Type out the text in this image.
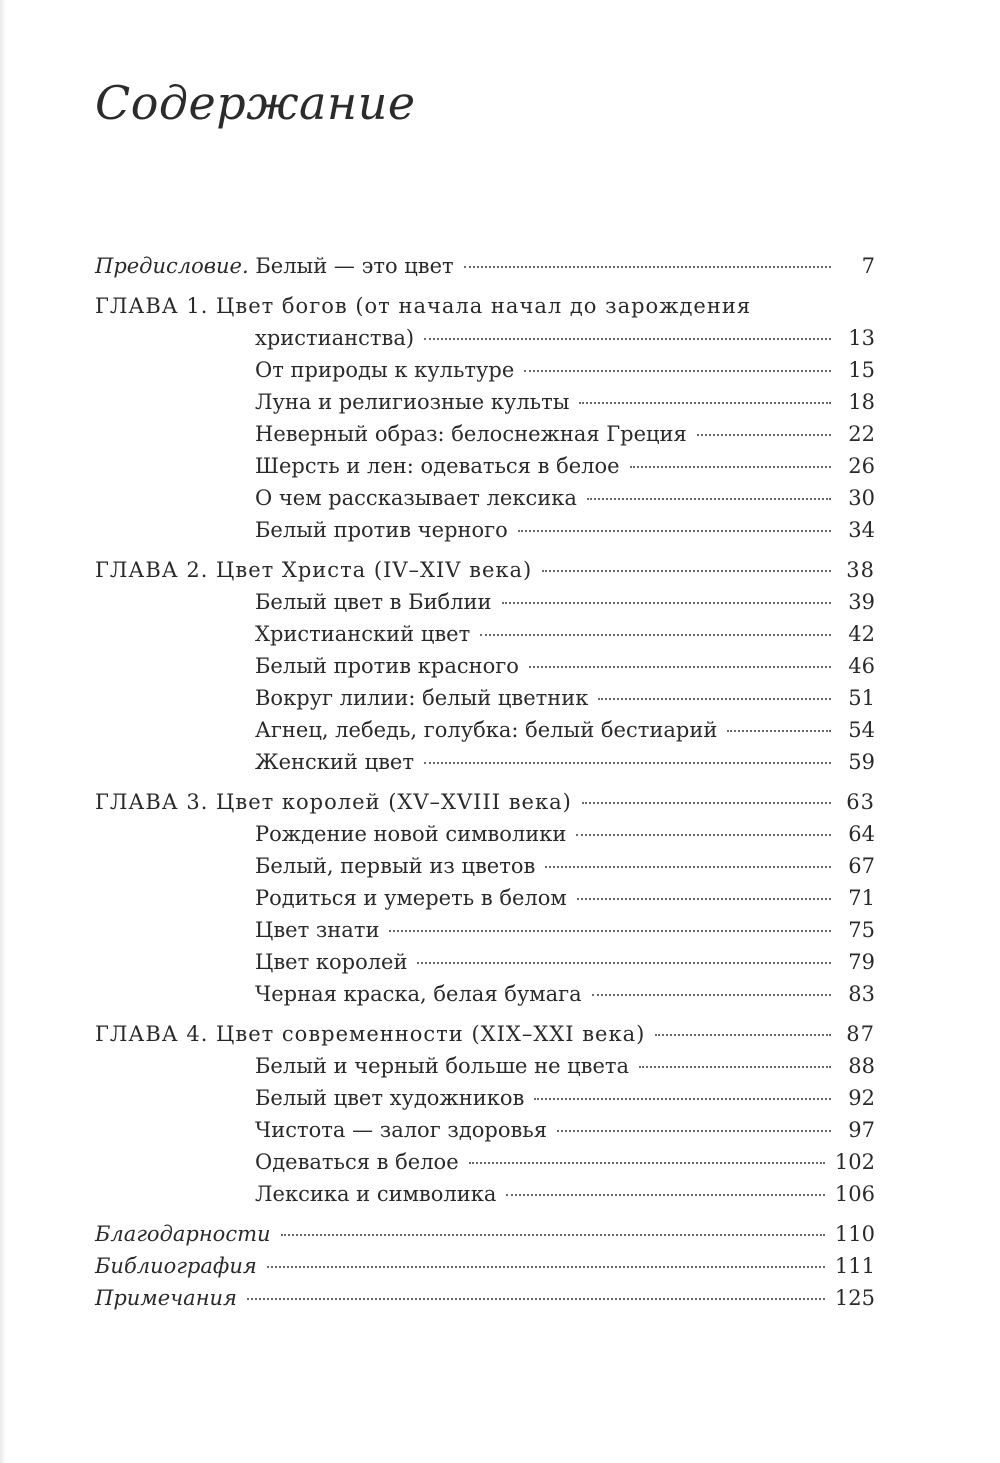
Содержание
Предисловие. Белый — это цвет	7
ГЛАВА 1. Цвет богов (от начала начал до зарождения
христианства)	13
От природы к культуре	15
Луна и религиозные культы	18
Неверный образ: белоснежная Греция	22
Шерсть и лен: одеваться в белое	26
О чем рассказывает лексика	30
Белый против черного	34
ГЛАВА 2. Цвет Христа (IV–XIV века)	38
Белый цвет в Библии	39
Христианский цвет	42
Белый против красного	46
Вокруг лилии: белый цветник	51
Агнец, лебедь, голубка: белый бестиарий	54
Женский цвет	59
ГЛАВА 3. Цвет королей (XV–XVIII века)	63
Рождение новой символики	64
Белый, первый из цветов	67
Родиться и умереть в белом	71
Цвет знати	75
Цвет королей	79
Черная краска, белая бумага	83
ГЛАВА 4. Цвет современности (XIX–XXI века)	87
Белый и черный больше не цвета	88
Белый цвет художников	92
Чистота — залог здоровья	97
Одеваться в белое	102
Лексика и символика	106
Благодарности	110
Библиография	111
Примечания	125
